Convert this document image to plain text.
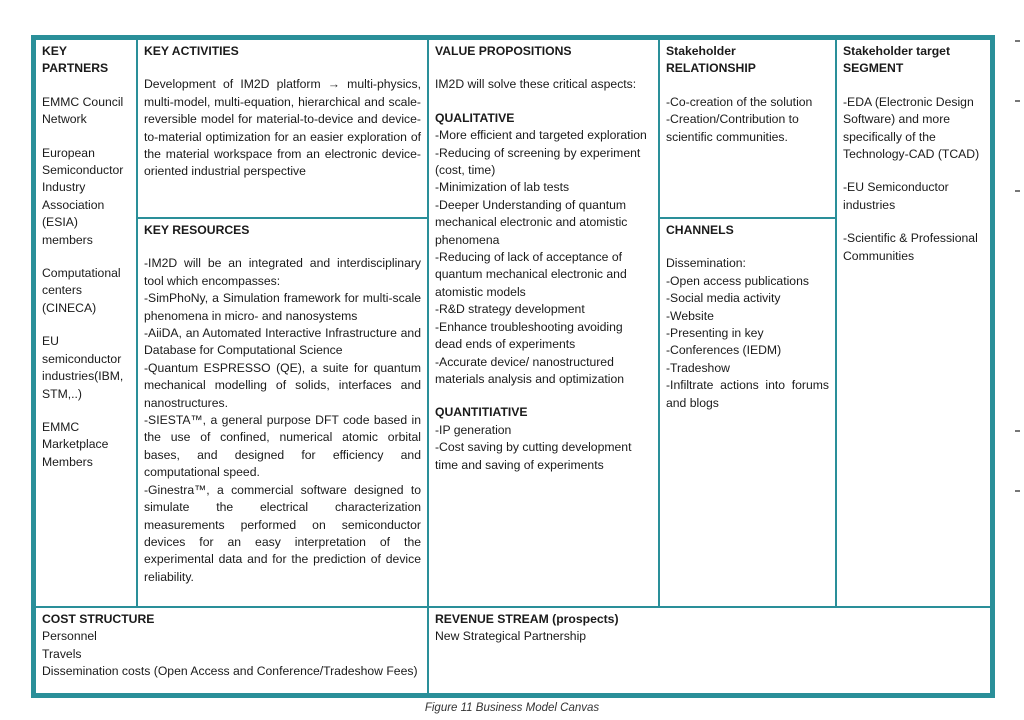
KEY PARTNERS
EMMC Council Network
European Semiconductor Industry Association (ESIA) members
Computational centers (CINECA)
EU semiconductor industries(IBM, STM,..)
EMMC Marketplace Members
KEY ACTIVITIES
Development of IM2D platform → multi-physics, multi-model, multi-equation, hierarchical and scale-reversible model for material-to-device and device-to-material optimization for an easier exploration of the material workspace from an electronic device-oriented industrial perspective
KEY RESOURCES
-IM2D will be an integrated and interdisciplinary tool which encompasses:
-SimPhoNy, a Simulation framework for multi-scale phenomena in micro- and nanosystems
-AiiDA, an Automated Interactive Infrastructure and Database for Computational Science
-Quantum ESPRESSO (QE), a suite for quantum mechanical modelling of solids, interfaces and nanostructures.
-SIESTA™, a general purpose DFT code based in the use of confined, numerical atomic orbital bases, and designed for efficiency and computational speed.
-Ginestra™, a commercial software designed to simulate the electrical characterization measurements performed on semiconductor devices for an easy interpretation of the experimental data and for the prediction of device reliability.
VALUE PROPOSITIONS
IM2D will solve these critical aspects:
QUALITATIVE
-More efficient and targeted exploration
-Reducing of screening by experiment (cost, time)
-Minimization of lab tests
-Deeper Understanding of quantum mechanical electronic and atomistic phenomena
-Reducing of lack of acceptance of quantum mechanical electronic and atomistic models
-R&D strategy development
-Enhance troubleshooting avoiding dead ends of experiments
-Accurate device/ nanostructured materials analysis and optimization
QUANTITIATIVE
-IP generation
-Cost saving by cutting development time and saving of experiments
Stakeholder
RELATIONSHIP
-Co-creation of the solution
-Creation/Contribution to scientific communities.
CHANNELS
Dissemination:
-Open access publications
-Social media activity
-Website
-Presenting in key
-Conferences (IEDM)
-Tradeshow
-Infiltrate actions into forums and blogs
Stakeholder target
SEGMENT
-EDA (Electronic Design Software) and more specifically of the Technology-CAD (TCAD)
-EU Semiconductor industries
-Scientific & Professional Communities
COST STRUCTURE
Personnel
Travels
Dissemination costs (Open Access and Conference/Tradeshow Fees)
REVENUE STREAM (prospects)
New Strategical Partnership
Figure 11 Business Model Canvas
